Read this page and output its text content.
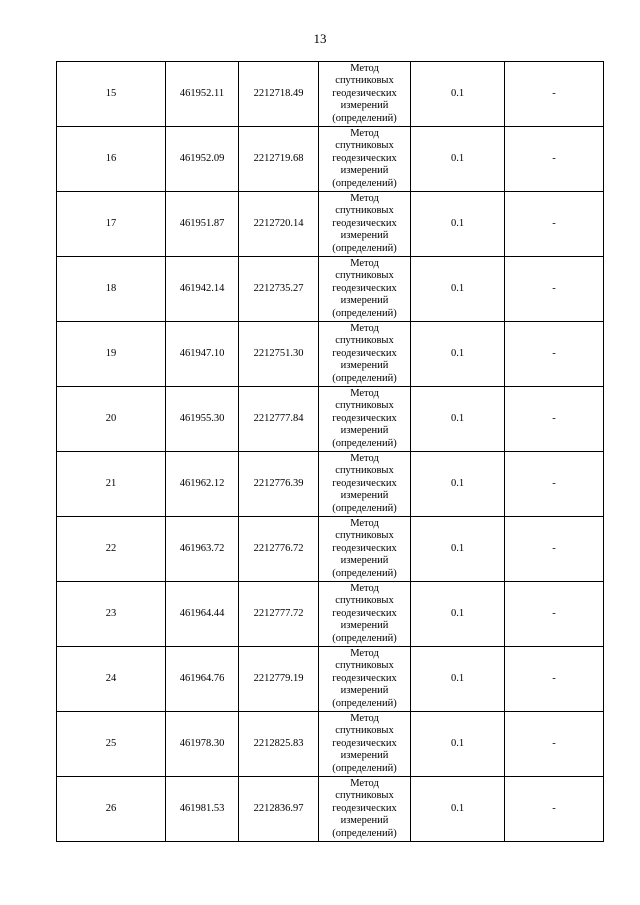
13
15	461952.11	2212718.49	Метод
спутниковых
геодезических
измерений
(определений)	0.1	-
16	461952.09	2212719.68	Метод
спутниковых
геодезических
измерений
(определений)	0.1	-
17	461951.87	2212720.14	Метод
спутниковых
геодезических
измерений
(определений)	0.1	-
18	461942.14	2212735.27	Метод
спутниковых
геодезических
измерений
(определений)	0.1	-
19	461947.10	2212751.30	Метод
спутниковых
геодезических
измерений
(определений)	0.1	-
20	461955.30	2212777.84	Метод
спутниковых
геодезических
измерений
(определений)	0.1	-
21	461962.12	2212776.39	Метод
спутниковых
геодезических
измерений
(определений)	0.1	-
22	461963.72	2212776.72	Метод
спутниковых
геодезических
измерений
(определений)	0.1	-
23	461964.44	2212777.72	Метод
спутниковых
геодезических
измерений
(определений)	0.1	-
24	461964.76	2212779.19	Метод
спутниковых
геодезических
измерений
(определений)	0.1	-
25	461978.30	2212825.83	Метод
спутниковых
геодезических
измерений
(определений)	0.1	-
26	461981.53	2212836.97	Метод
спутниковых
геодезических
измерений
(определений)	0.1	-
